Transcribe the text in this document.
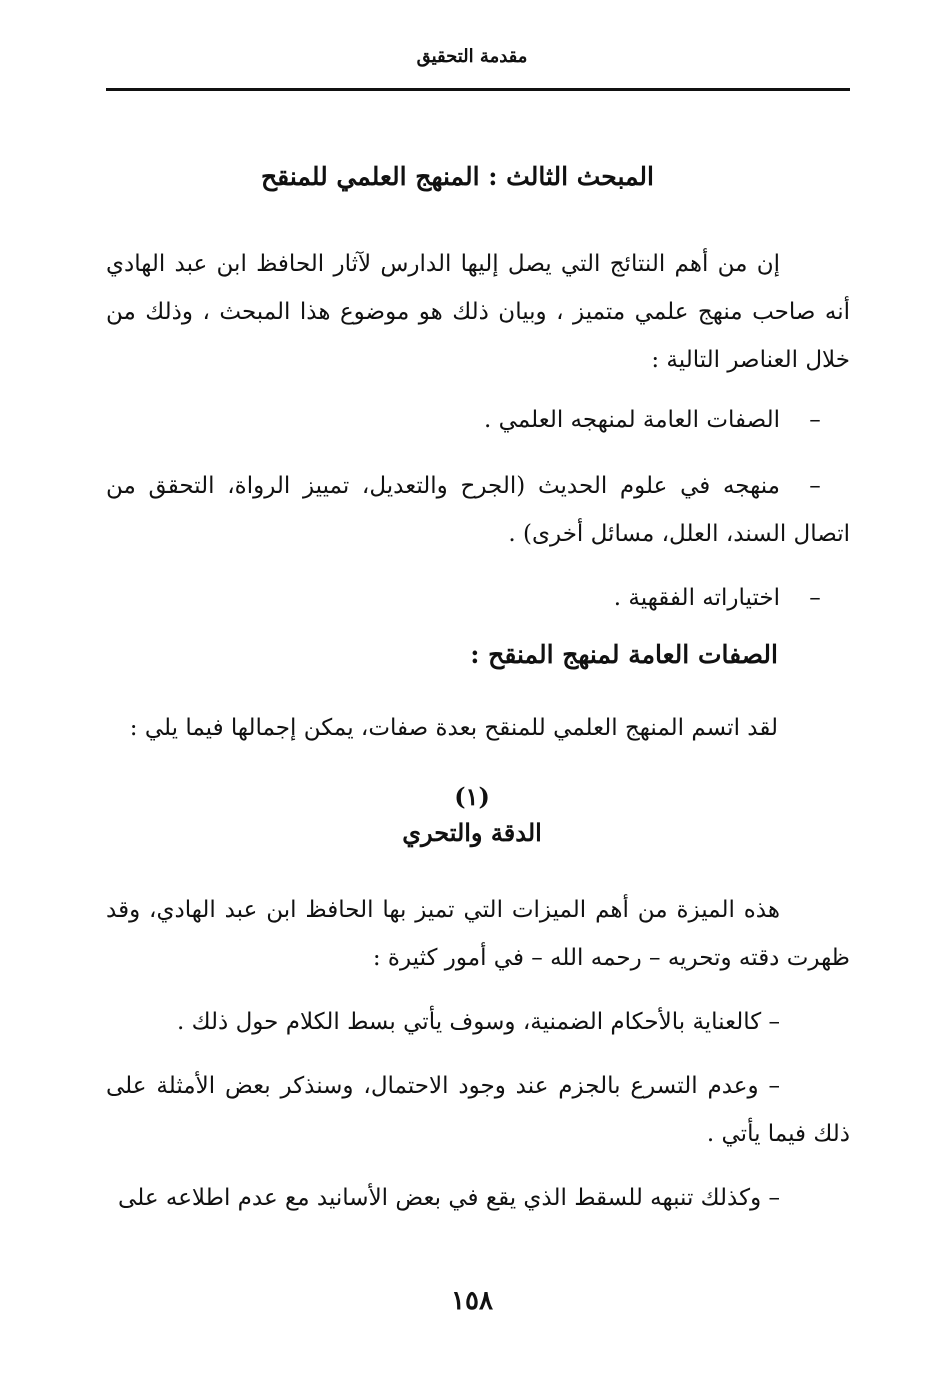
مقدمة التحقيق
المبحث الثالث : المنهج العلمي للمنقح
إن من أهم النتائج التي يصل إليها الدارس لآثار الحافظ ابن عبد الهادي أنه صاحب منهج علمي متميز ، وبيان ذلك هو موضوع هذا المبحث ، وذلك من خلال العناصر التالية :
–الصفات العامة لمنهجه العلمي .
–منهجه في علوم الحديث (الجرح والتعديل، تمييز الرواة، التحقق من اتصال السند، العلل، مسائل أخرى) .
–اختياراته الفقهية .
الصفات العامة لمنهج المنقح :
لقد اتسم المنهج العلمي للمنقح بعدة صفات، يمكن إجمالها فيما يلي :
(١)
الدقة والتحري
هذه الميزة من أهم الميزات التي تميز بها الحافظ ابن عبد الهادي، وقد ظهرت دقته وتحريه – رحمه الله – في أمور كثيرة :
– كالعناية بالأحكام الضمنية، وسوف يأتي بسط الكلام حول ذلك .
– وعدم التسرع بالجزم عند وجود الاحتمال، وسنذكر بعض الأمثلة على ذلك فيما يأتي .
– وكذلك تنبهه للسقط الذي يقع في بعض الأسانيد مع عدم اطلاعه على
١٥٨
